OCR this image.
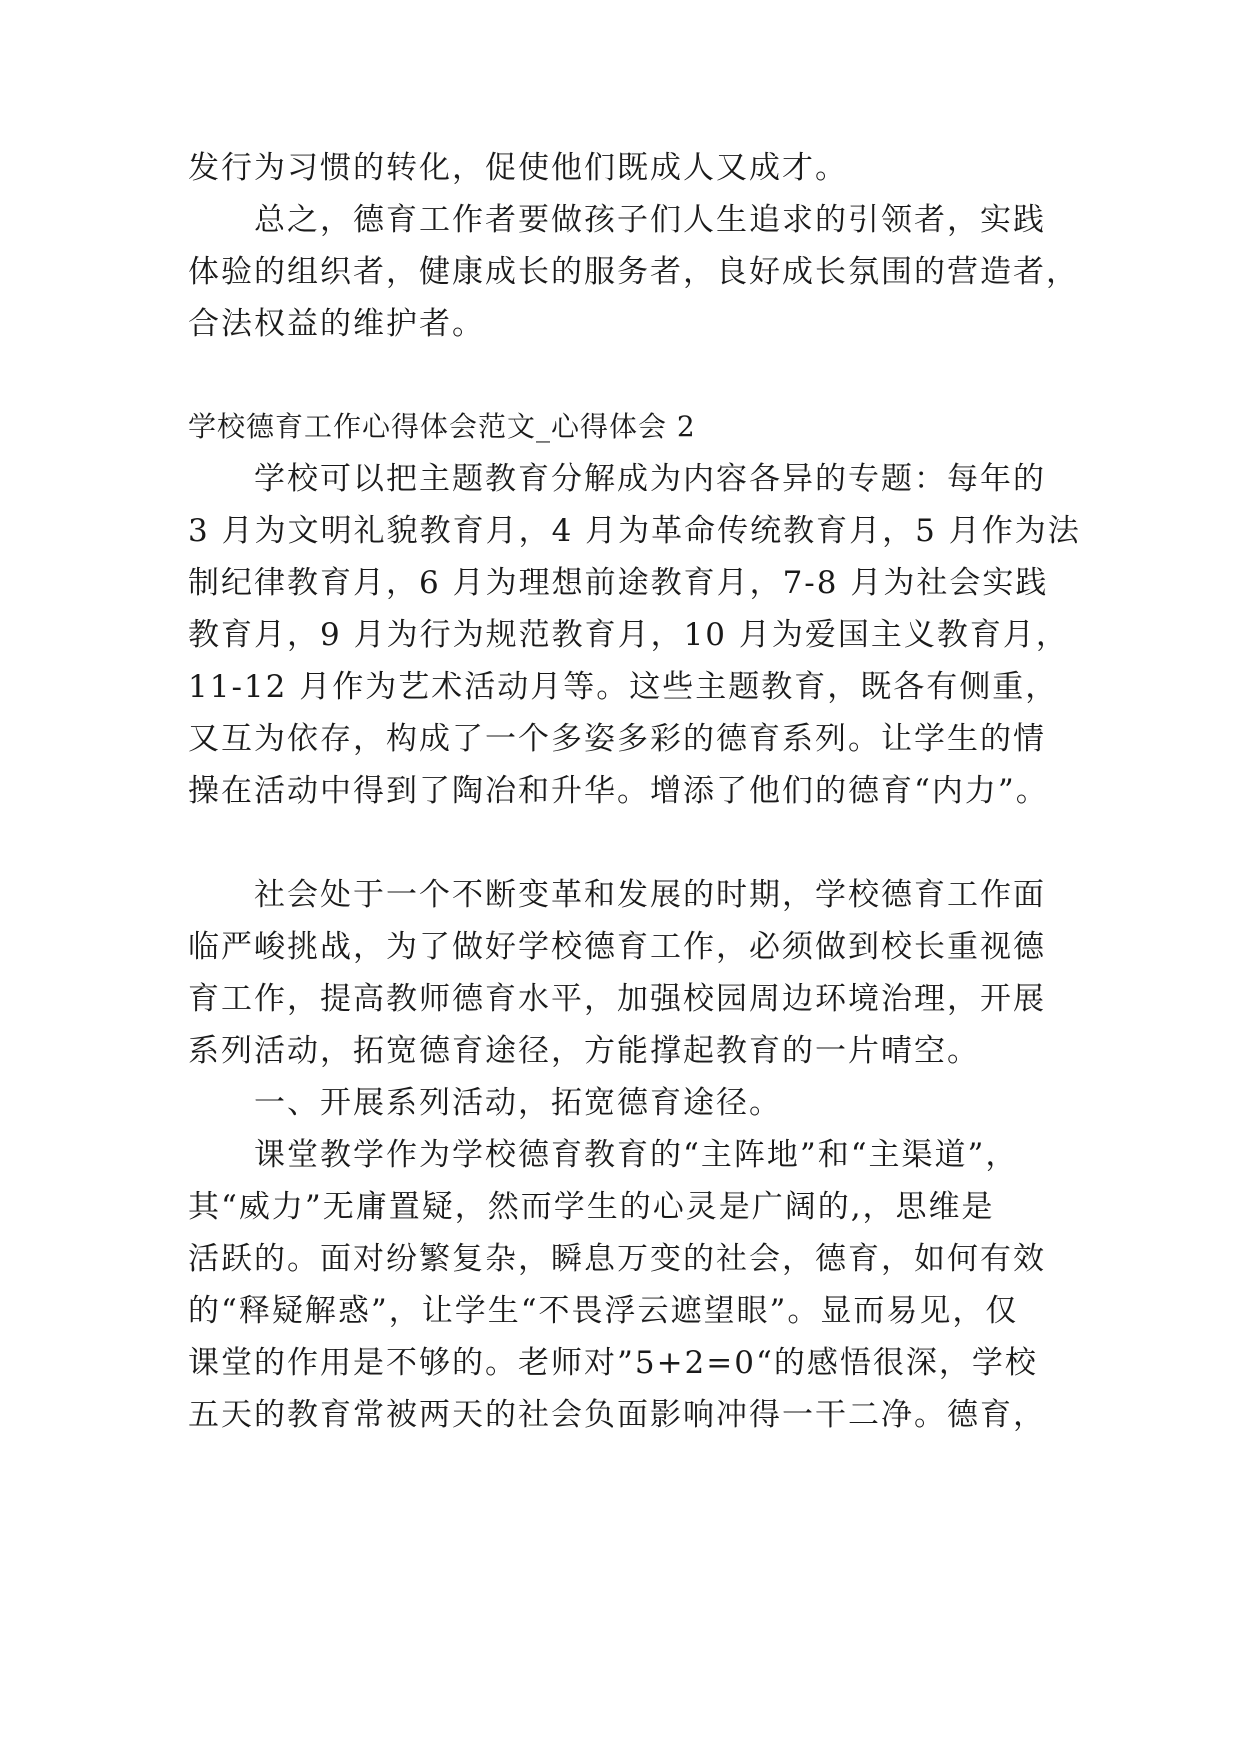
发行为习惯的转化，促使他们既成人又成才。
总之，德育工作者要做孩子们人生追求的引领者，实践
体验的组织者，健康成长的服务者，良好成长氛围的营造者，
合法权益的维护者。
学校德育工作心得体会范文_心得体会 2
学校可以把主题教育分解成为内容各异的专题：每年的
3 月为文明礼貌教育月，4 月为革命传统教育月，5 月作为法
制纪律教育月，6 月为理想前途教育月，7-8 月为社会实践
教育月，9 月为行为规范教育月，10 月为爱国主义教育月，
11-12 月作为艺术活动月等。这些主题教育，既各有侧重，
又互为依存，构成了一个多姿多彩的德育系列。让学生的情
操在活动中得到了陶冶和升华。增添了他们的德育“内力”。
社会处于一个不断变革和发展的时期，学校德育工作面
临严峻挑战，为了做好学校德育工作，必须做到校长重视德
育工作，提高教师德育水平，加强校园周边环境治理，开展
系列活动，拓宽德育途径，方能撑起教育的一片晴空。
一、开展系列活动，拓宽德育途径。
课堂教学作为学校德育教育的“主阵地”和“主渠道”，
其“威力”无庸置疑，然而学生的心灵是广阔的,，思维是
活跃的。面对纷繁复杂，瞬息万变的社会，德育，如何有效
的“释疑解惑”，让学生“不畏浮云遮望眼”。显而易见，仅
课堂的作用是不够的。老师对”5+2=0“的感悟很深，学校
五天的教育常被两天的社会负面影响冲得一干二净。德育，
